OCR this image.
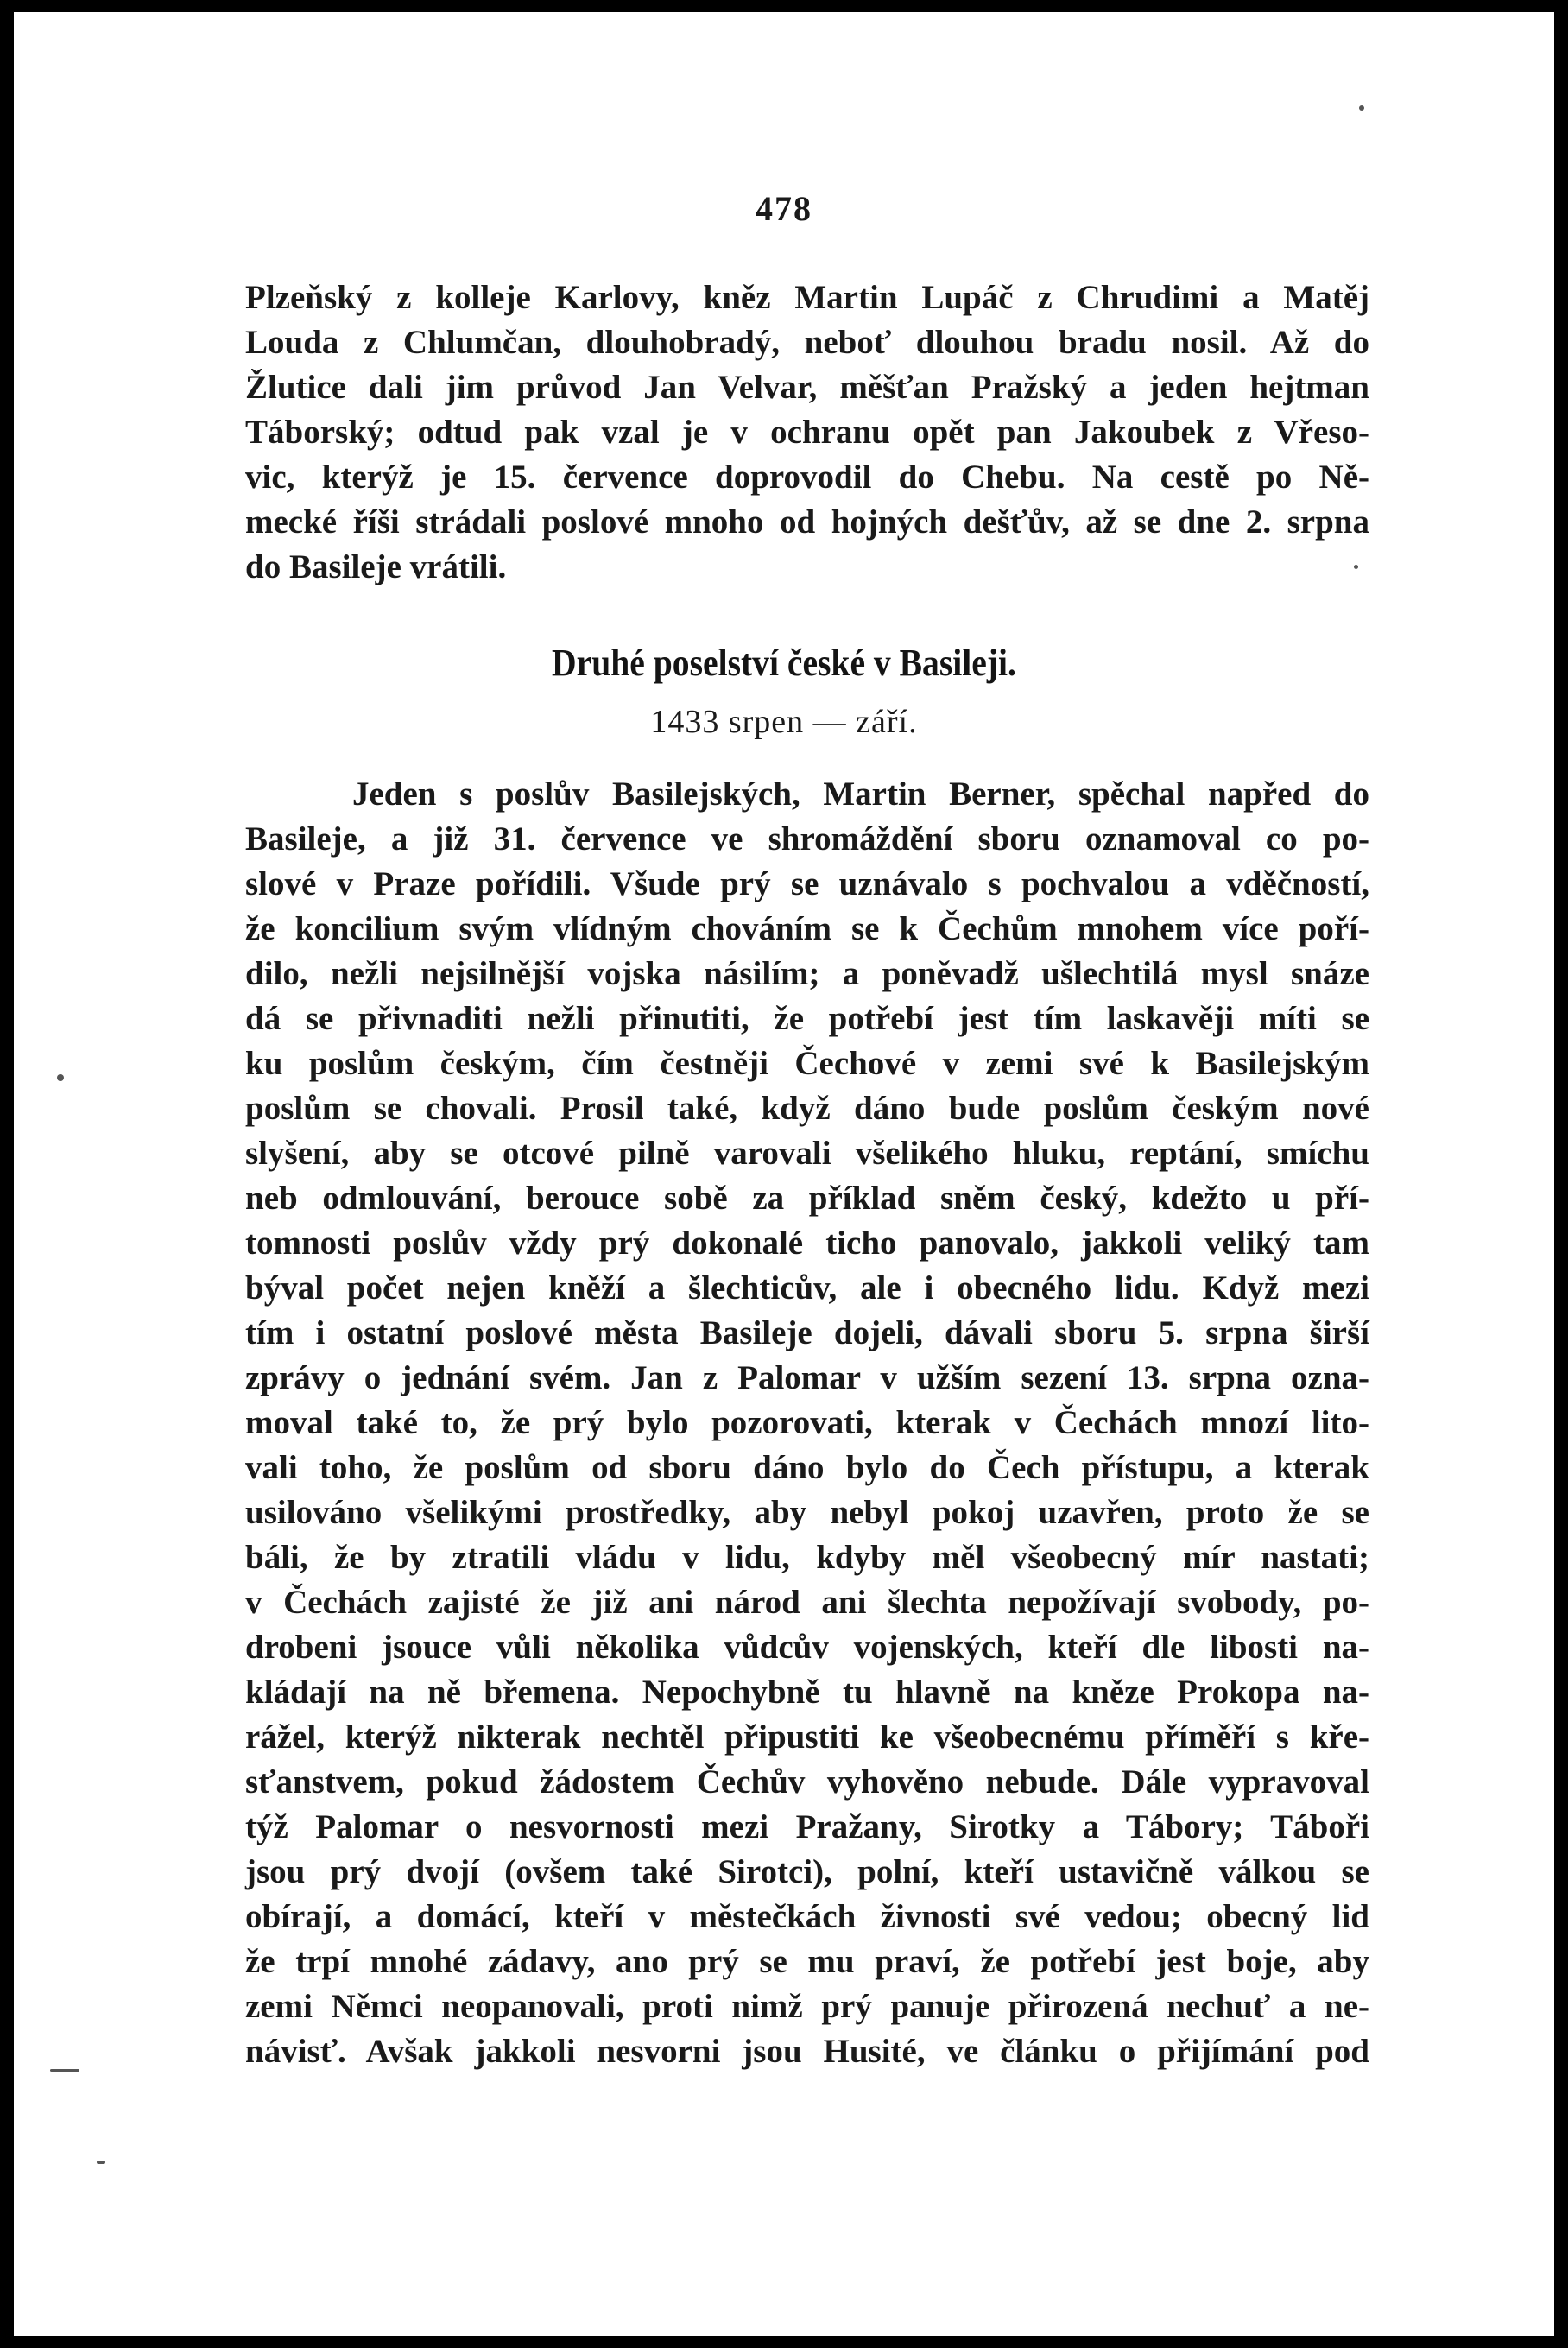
478
Plzeňský z kolleje Karlovy, kněz Martin Lupáč z Chrudimi a Matěj
Louda z Chlumčan, dlouhobradý, neboť dlouhou bradu nosil. Až do
Žlutice dali jim průvod Jan Velvar, měšťan Pražský a jeden hejtman
Táborský; odtud pak vzal je v ochranu opět pan Jakoubek z Vřeso-
vic, kterýž je 15. července doprovodil do Chebu. Na cestě po Ně-
mecké říši strádali poslové mnoho od hojných dešťův, až se dne 2. srpna
do Basileje vrátili.
Druhé poselství české v Basileji.
1433 srpen — září.
Jeden s poslův Basilejských, Martin Berner, spěchal napřed do
Basileje, a již 31. července ve shromáždění sboru oznamoval co po-
slové v Praze pořídili. Všude prý se uznávalo s pochvalou a vděčností,
že koncilium svým vlídným chováním se k Čechům mnohem více poří-
dilo, nežli nejsilnější vojska násilím; a poněvadž ušlechtilá mysl snáze
dá se přivnaditi nežli přinutiti, že potřebí jest tím laskavěji míti se
ku poslům českým, čím čestněji Čechové v zemi své k Basilejským
poslům se chovali. Prosil také, když dáno bude poslům českým nové
slyšení, aby se otcové pilně varovali všelikého hluku, reptání, smíchu
neb odmlouvání, berouce sobě za příklad sněm český, kdežto u pří-
tomnosti poslův vždy prý dokonalé ticho panovalo, jakkoli veliký tam
býval počet nejen kněží a šlechticův, ale i obecného lidu. Když mezi
tím i ostatní poslové města Basileje dojeli, dávali sboru 5. srpna širší
zprávy o jednání svém. Jan z Palomar v užším sezení 13. srpna ozna-
moval také to, že prý bylo pozorovati, kterak v Čechách mnozí lito-
vali toho, že poslům od sboru dáno bylo do Čech přístupu, a kterak
usilováno všelikými prostředky, aby nebyl pokoj uzavřen, proto že se
báli, že by ztratili vládu v lidu, kdyby měl všeobecný mír nastati;
v Čechách zajisté že již ani národ ani šlechta nepožívají svobody, po-
drobeni jsouce vůli několika vůdcův vojenských, kteří dle libosti na-
kládají na ně břemena. Nepochybně tu hlavně na kněze Prokopa na-
rážel, kterýž nikterak nechtěl připustiti ke všeobecnému příměří s kře-
sťanstvem, pokud žádostem Čechův vyhověno nebude. Dále vypravoval
týž Palomar o nesvornosti mezi Pražany, Sirotky a Tábory; Táboři
jsou prý dvojí (ovšem také Sirotci), polní, kteří ustavičně válkou se
obírají, a domácí, kteří v městečkách živnosti své vedou; obecný lid
že trpí mnohé zádavy, ano prý se mu praví, že potřebí jest boje, aby
zemi Němci neopanovali, proti nimž prý panuje přirozená nechuť a ne-
návisť. Avšak jakkoli nesvorni jsou Husité, ve článku o přijímání pod
